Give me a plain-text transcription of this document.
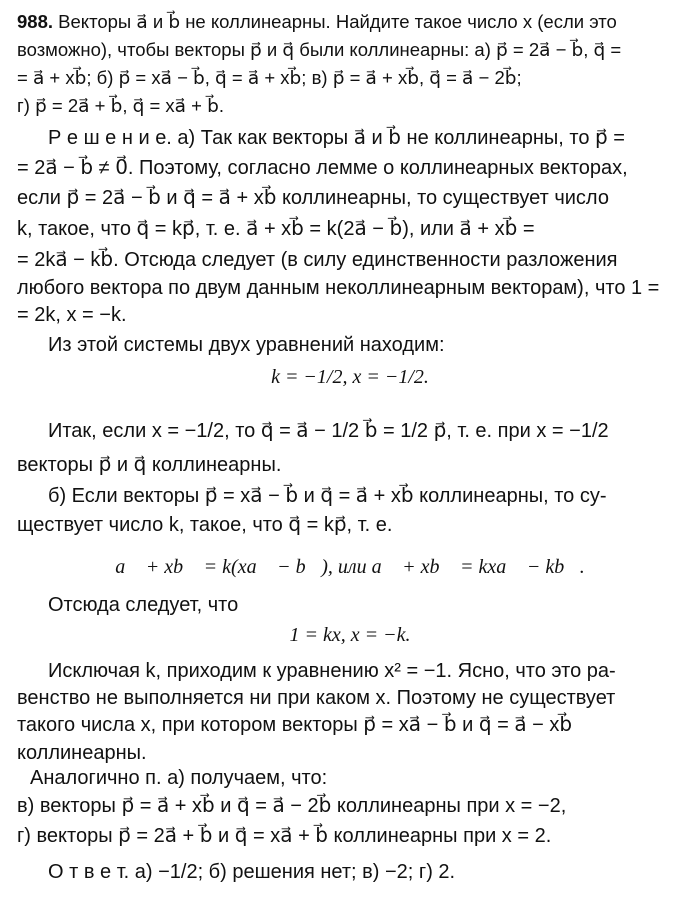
988. Векторы a⃗ и b⃗ не коллинеарны. Найдите такое число x (если это
возможно), чтобы векторы p⃗ и q⃗ были коллинеарны: а) p⃗ = 2a⃗ − b⃗, q⃗ =
= a⃗ + xb⃗; б) p⃗ = xa⃗ − b⃗, q⃗ = a⃗ + xb⃗; в) p⃗ = a⃗ + xb⃗, q⃗ = a⃗ − 2b⃗;
г) p⃗ = 2a⃗ + b⃗, q⃗ = xa⃗ + b⃗.
Р е ш е н и е. а) Так как векторы a⃗ и b⃗ не коллинеарны, то p⃗ =
= 2a⃗ − b⃗ ≠ 0⃗. Поэтому, согласно лемме о коллинеарных векторах,
если p⃗ = 2a⃗ − b⃗ и q⃗ = a⃗ + xb⃗ коллинеарны, то существует число
k, такое, что q⃗ = kp⃗, т. е. a⃗ + xb⃗ = k(2a⃗ − b⃗), или a⃗ + xb⃗ =
= 2ka⃗ − kb⃗. Отсюда следует (в силу единственности разложения
любого вектора по двум данным неколлинеарным векторам), что 1 =
= 2k, x = −k.
Из этой системы двух уравнений находим:
k = −1/2, x = −1/2.
Итак, если x = −1/2, то q⃗ = a⃗ − 1/2 b⃗ = 1/2 p⃗, т. е. при x = −1/2
векторы p⃗ и q⃗ коллинеарны.
б) Если векторы p⃗ = xa⃗ − b⃗ и q⃗ = a⃗ + xb⃗ коллинеарны, то су-
ществует число k, такое, что q⃗ = kp⃗, т. е.
a⃗ + xb⃗ = k(xa⃗ − b⃗), или a⃗ + xb⃗ = kxa⃗ − kb⃗.
Отсюда следует, что
1 = kx, x = −k.
Исключая k, приходим к уравнению x² = −1. Ясно, что это ра-
венство не выполняется ни при каком x. Поэтому не существует
такого числа x, при котором векторы p⃗ = xa⃗ − b⃗ и q⃗ = a⃗ − xb⃗
коллинеарны.
Аналогично п. а) получаем, что:
в) векторы p⃗ = a⃗ + xb⃗ и q⃗ = a⃗ − 2b⃗ коллинеарны при x = −2,
г) векторы p⃗ = 2a⃗ + b⃗ и q⃗ = xa⃗ + b⃗ коллинеарны при x = 2.
О т в е т. а) −1/2; б) решения нет; в) −2; г) 2.
